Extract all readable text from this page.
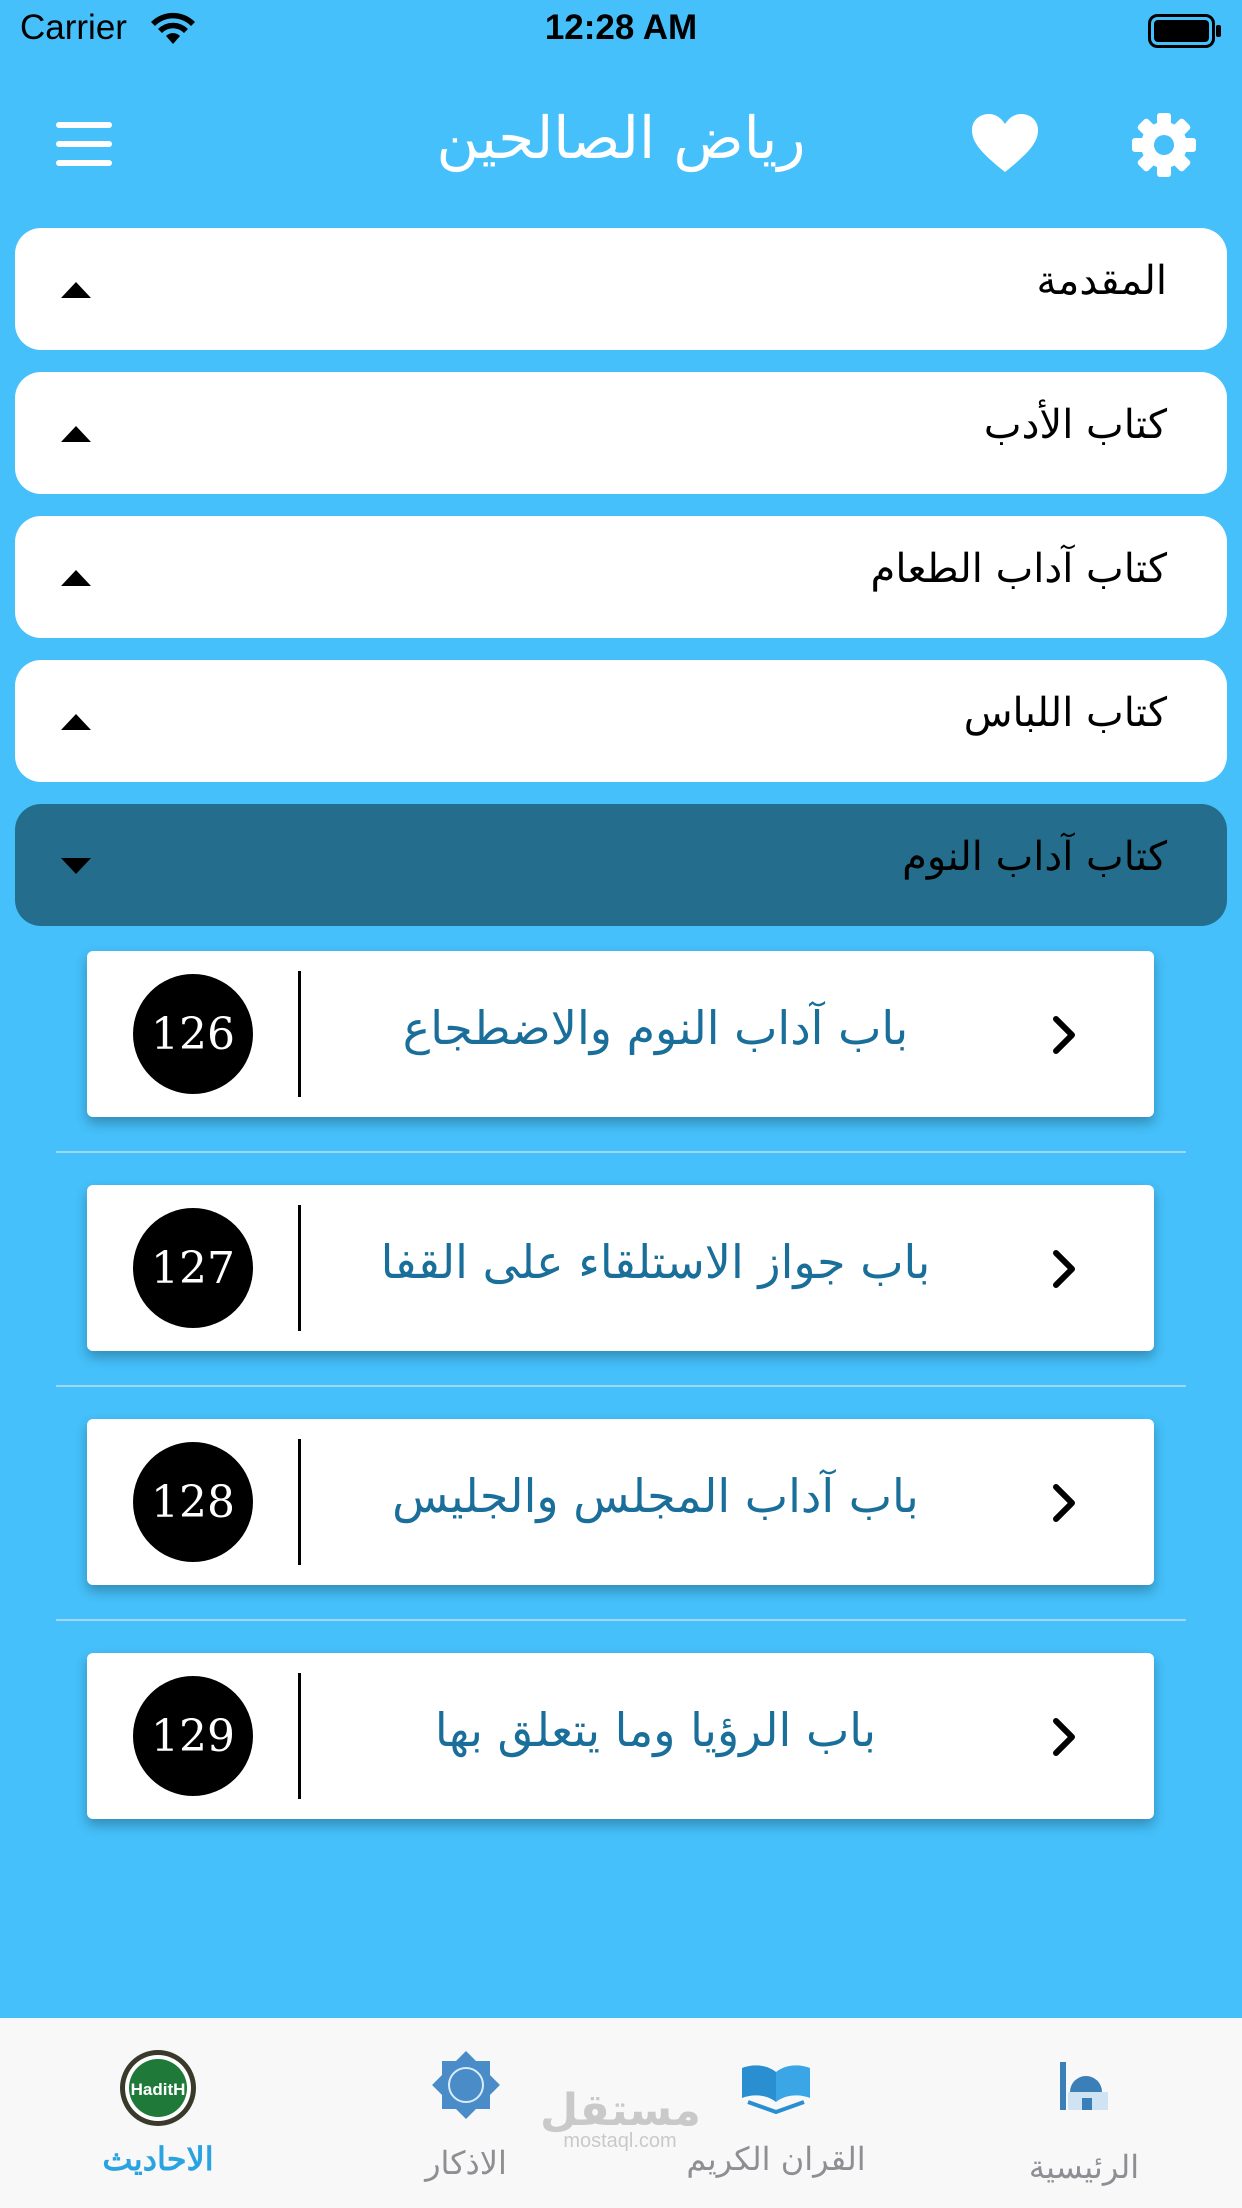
Carrier	12:28 AM
رياض الصالحين
المقدمة
كتاب الأدب
كتاب آداب الطعام
كتاب اللباس
كتاب آداب النوم
126	باب آداب النوم والاضطجاع
127	باب جواز الاستلقاء على القفا
128	باب آداب المجلس والجليس
129	باب الرؤيا وما يتعلق بها
HaditH
الاحاديث	الاذكار	القران الكريم	الرئيسية
مستقل
mostaql.com
